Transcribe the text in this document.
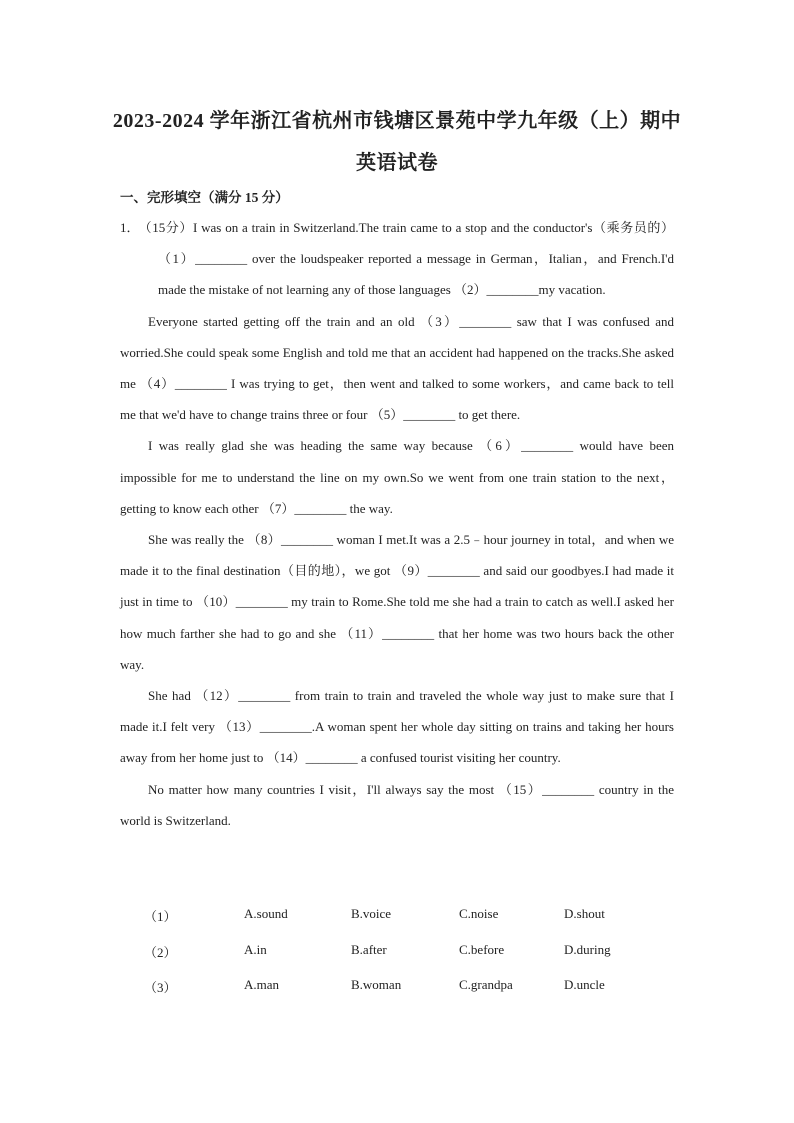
2023-2024 学年浙江省杭州市钱塘区景苑中学九年级（上）期中
英语试卷
一、完形填空（满分 15 分）

1．（15分）I was on a train in Switzerland.The train came to a stop and the conductor's（乘务员的）（1）________ over the loudspeaker reported a message in German，Italian，and French.I'd made the mistake of not learning any of those languages （2）________my vacation.

Everyone started getting off the train and an old （3）________ saw that I was confused and worried.She could speak some English and told me that an accident had happened on the tracks.She asked me （4）________ I was trying to get，then went and talked to some workers，and came back to tell me that we'd have to change trains three or four （5）________ to get there.

I was really glad she was heading the same way because （6）________ would have been impossible for me to understand the line on my own.So we went from one train station to the next，getting to know each other （7）________ the way.

She was really the （8）________ woman I met.It was a 2.5﹣hour journey in total，and when we made it to the final destination（目的地），we got （9）________ and said our goodbyes.I had made it just in time to （10）________ my train to Rome.She told me she had a train to catch as well.I asked her how much farther she had to go and she （11）________ that her home was two hours back the other way.

She had （12）________ from train to train and traveled the whole way just to make sure that I made it.I felt very （13）________.A woman spent her whole day sitting on trains and taking her hours away from her home just to （14）________ a confused tourist visiting her country.

No matter how many countries I visit，I'll always say the most （15）________ country in the world is Switzerland.

（1）	A.sound	B.voice	C.noise	D.shout
（2）	A.in	B.after	C.before	D.during
（3）	A.man	B.woman	C.grandpa	D.uncle
